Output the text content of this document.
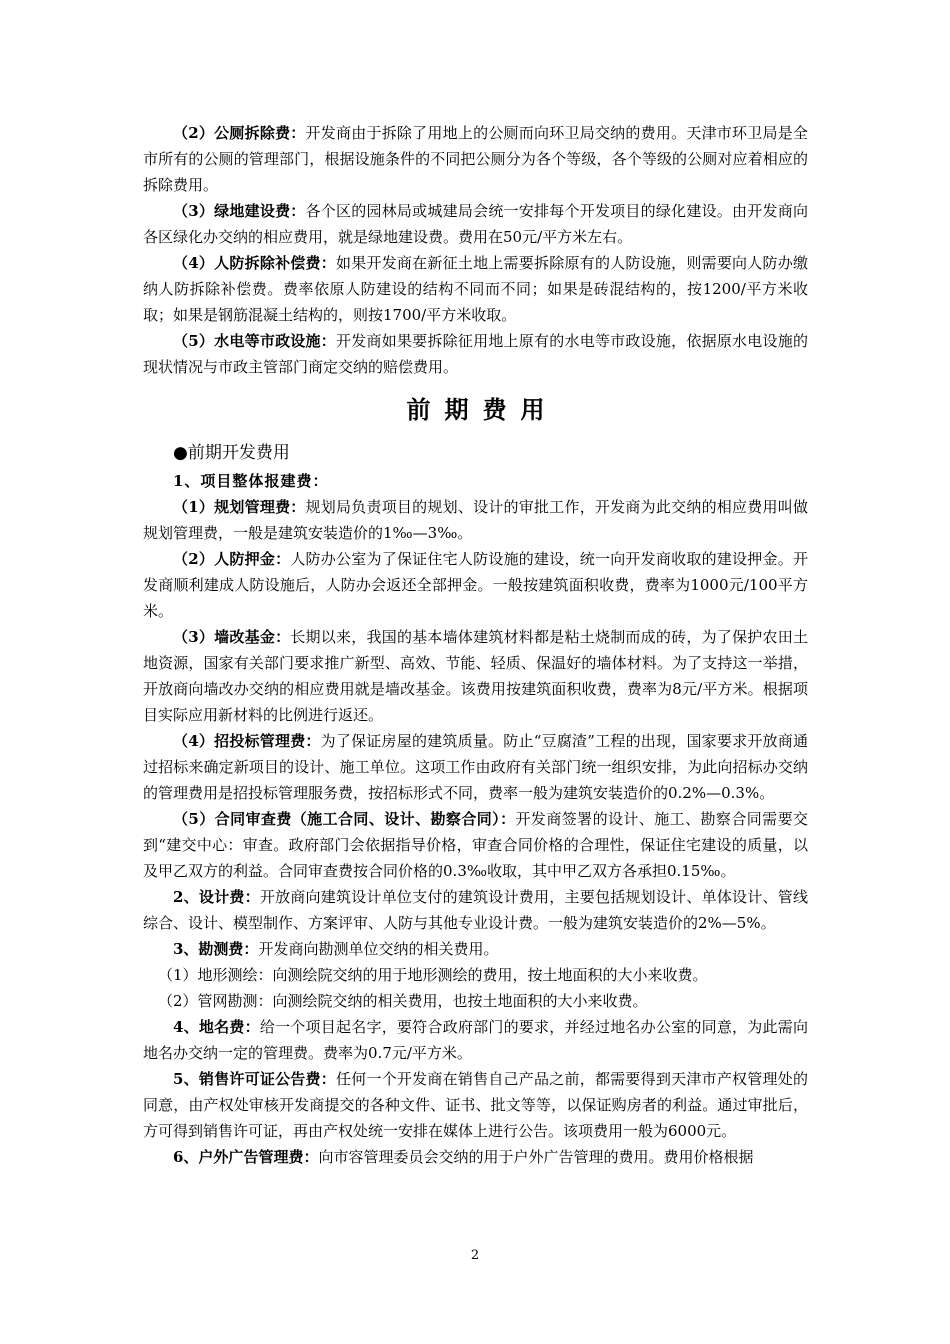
（2）公厕拆除费：开发商由于拆除了用地上的公厕而向环卫局交纳的费用。天津市环卫局是全市所有的公厕的管理部门，根据设施条件的不同把公厕分为各个等级，各个等级的公厕对应着相应的拆除费用。

（3）绿地建设费：各个区的园林局或城建局会统一安排每个开发项目的绿化建设。由开发商向各区绿化办交纳的相应费用，就是绿地建设费。费用在50元/平方米左右。

（4）人防拆除补偿费：如果开发商在新征土地上需要拆除原有的人防设施，则需要向人防办缴纳人防拆除补偿费。费率依原人防建设的结构不同而不同；如果是砖混结构的，按1200/平方米收取；如果是钢筋混凝土结构的，则按1700/平方米收取。

（5）水电等市政设施：开发商如果要拆除征用地上原有的水电等市政设施，依据原水电设施的现状情况与市政主管部门商定交纳的赔偿费用。

前期费用

●前期开发费用

1、项目整体报建费：

（1）规划管理费：规划局负责项目的规划、设计的审批工作，开发商为此交纳的相应费用叫做规划管理费，一般是建筑安装造价的1‰—3‰。

（2）人防押金：人防办公室为了保证住宅人防设施的建设，统一向开发商收取的建设押金。开发商顺利建成人防设施后，人防办会返还全部押金。一般按建筑面积收费，费率为1000元/100平方米。

（3）墙改基金：长期以来，我国的基本墙体建筑材料都是粘土烧制而成的砖，为了保护农田土地资源，国家有关部门要求推广新型、高效、节能、轻质、保温好的墙体材料。为了支持这一举措，开放商向墙改办交纳的相应费用就是墙改基金。该费用按建筑面积收费，费率为8元/平方米。根据项目实际应用新材料的比例进行返还。

（4）招投标管理费：为了保证房屋的建筑质量。防止“豆腐渣”工程的出现，国家要求开放商通过招标来确定新项目的设计、施工单位。这项工作由政府有关部门统一组织安排，为此向招标办交纳的管理费用是招投标管理服务费，按招标形式不同，费率一般为建筑安装造价的0.2%—0.3%。

（5）合同审查费（施工合同、设计、勘察合同）：开发商签署的设计、施工、勘察合同需要交到“建交中心：审查。政府部门会依据指导价格，审查合同价格的合理性，保证住宅建设的质量，以及甲乙双方的利益。合同审查费按合同价格的0.3‰收取，其中甲乙双方各承担0.15‰。

2、设计费：开放商向建筑设计单位支付的建筑设计费用，主要包括规划设计、单体设计、管线综合、设计、模型制作、方案评审、人防与其他专业设计费。一般为建筑安装造价的2%—5%。

3、勘测费：开发商向勘测单位交纳的相关费用。

（1）地形测绘：向测绘院交纳的用于地形测绘的费用，按土地面积的大小来收费。

（2）管网勘测：向测绘院交纳的相关费用，也按土地面积的大小来收费。

4、地名费：给一个项目起名字，要符合政府部门的要求，并经过地名办公室的同意，为此需向地名办交纳一定的管理费。费率为0.7元/平方米。

5、销售许可证公告费：任何一个开发商在销售自己产品之前，都需要得到天津市产权管理处的同意，由产权处审核开发商提交的各种文件、证书、批文等等，以保证购房者的利益。通过审批后，方可得到销售许可证，再由产权处统一安排在媒体上进行公告。该项费用一般为6000元。

6、户外广告管理费：向市容管理委员会交纳的用于户外广告管理的费用。费用价格根据

2
